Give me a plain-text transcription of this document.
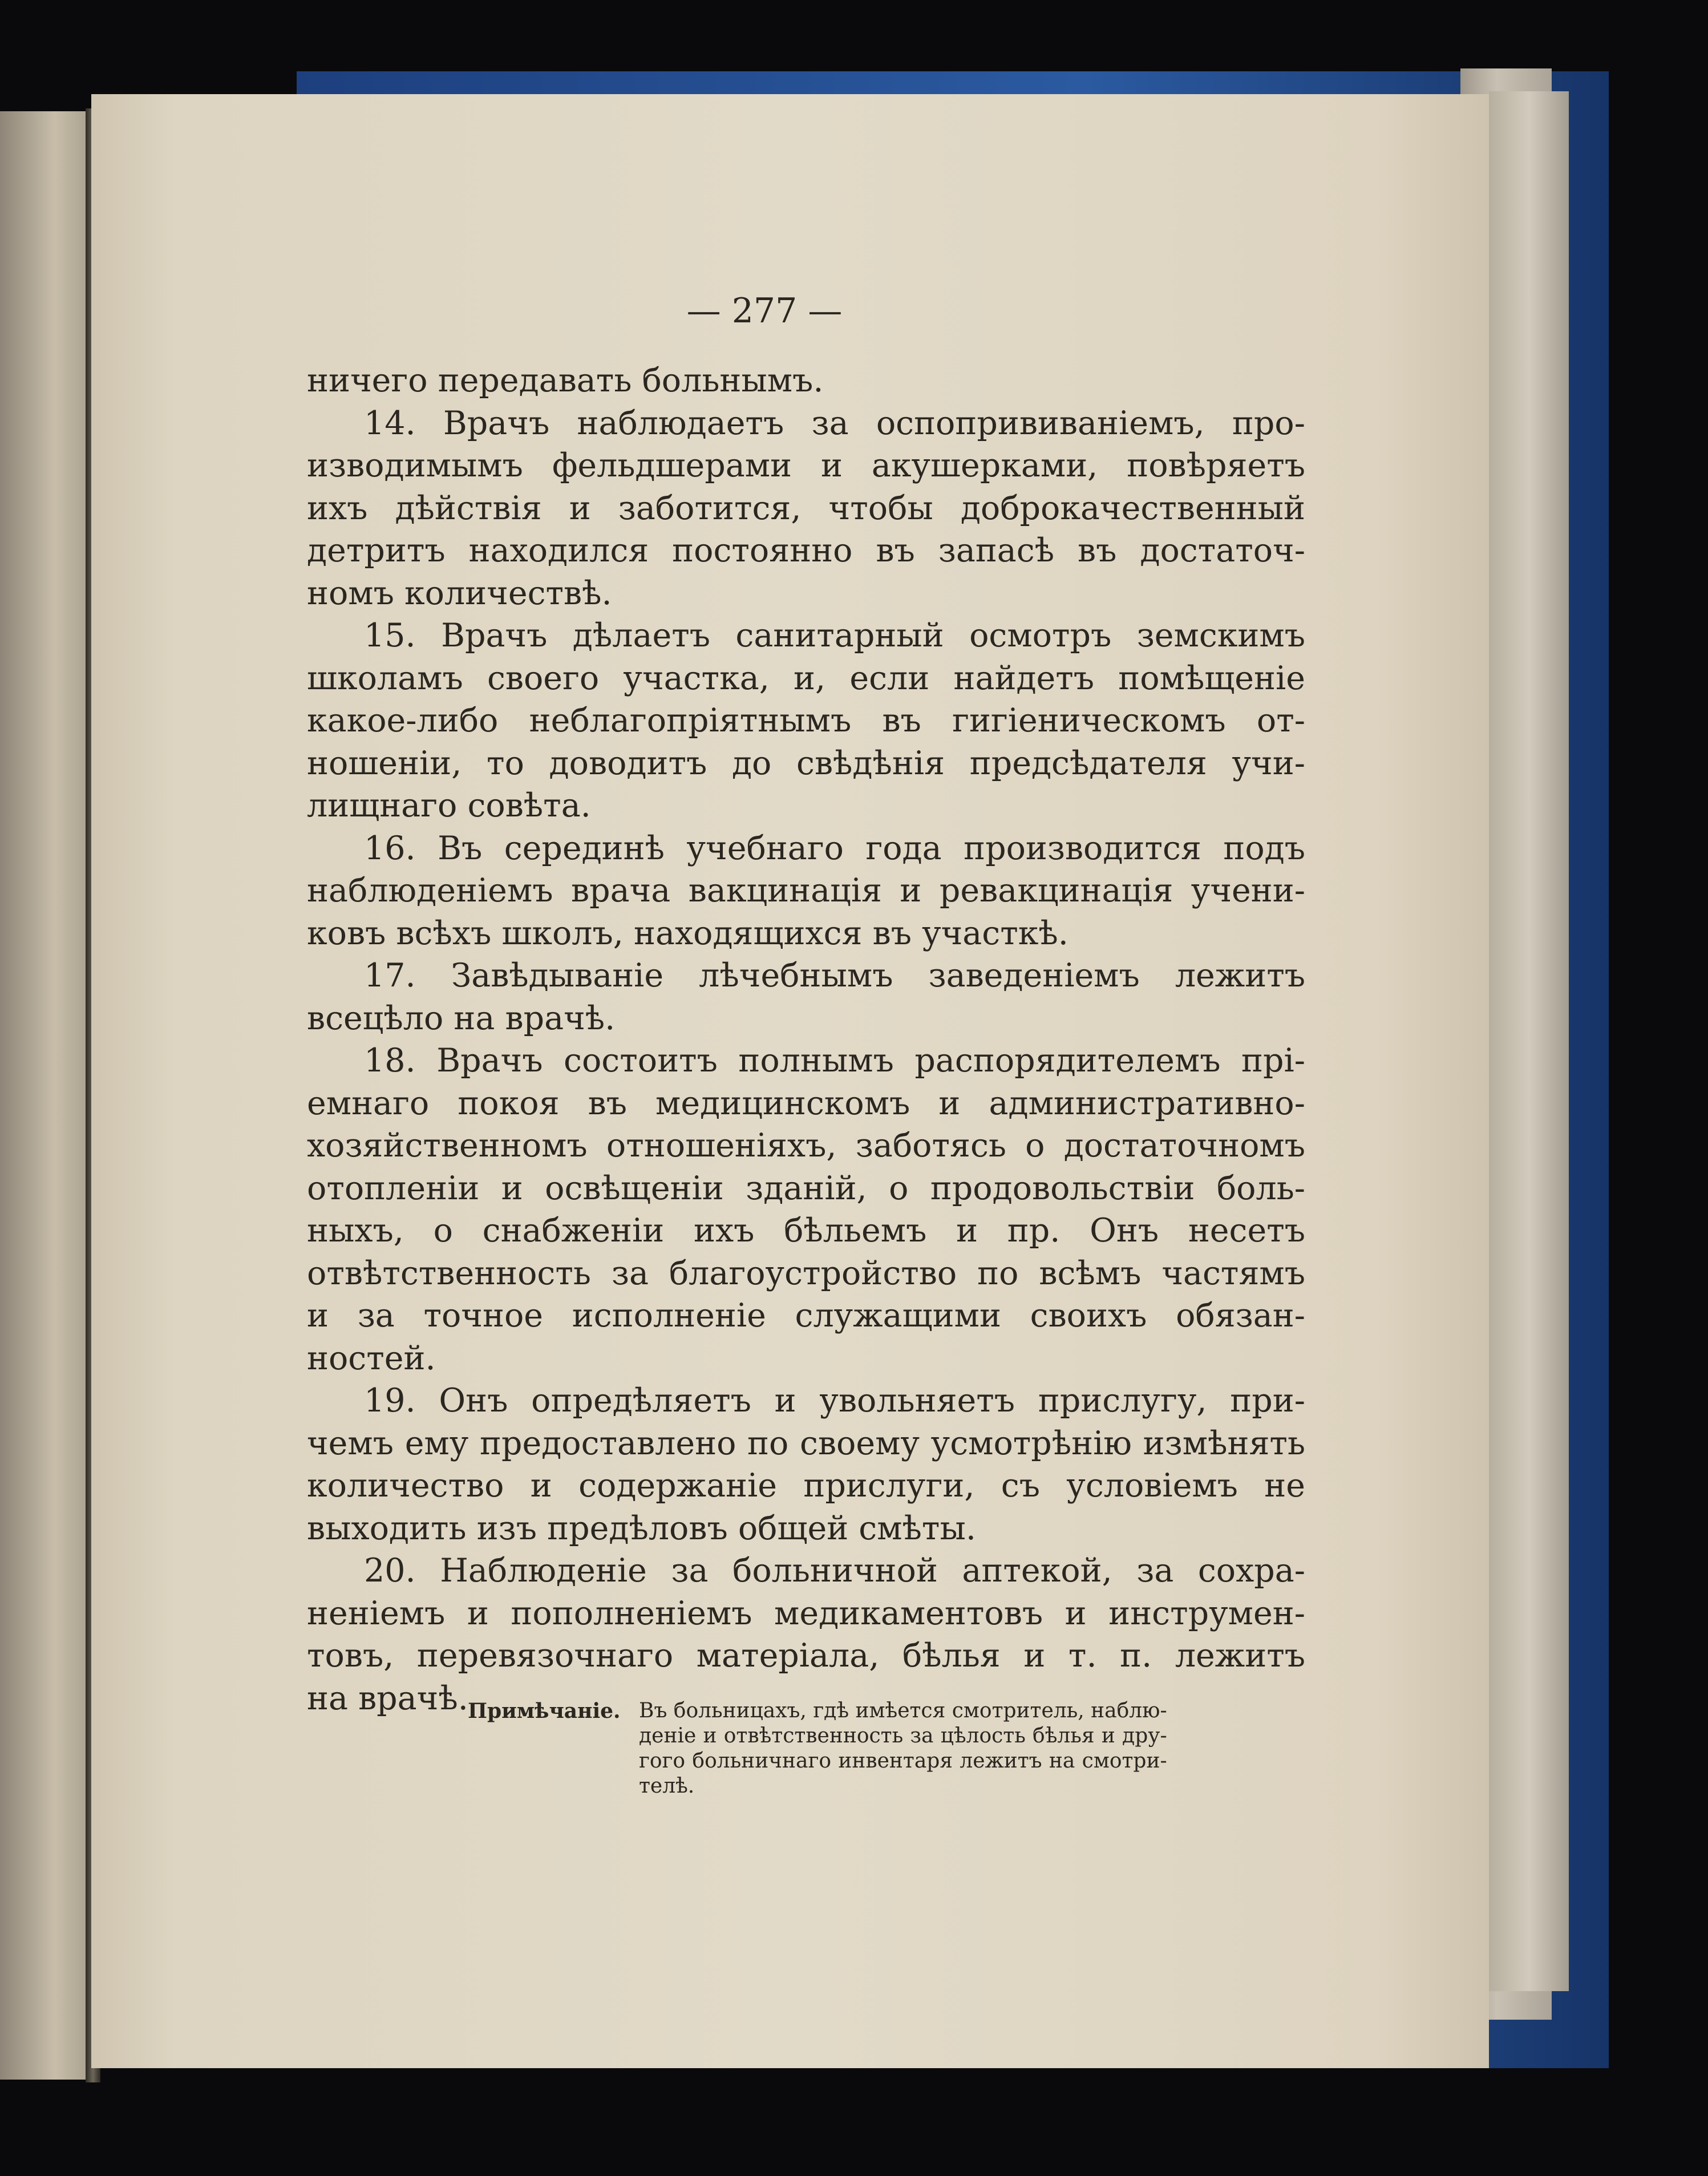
— 277 —

ничего передавать больнымъ.

14. Врачъ наблюдаетъ за оспопрививаніемъ, про-

изводимымъ фельдшерами и акушерками, повѣряетъ

ихъ дѣйствія и заботится, чтобы доброкачественный

детритъ находился постоянно въ запасѣ въ достаточ-

номъ количествѣ.

15. Врачъ дѣлаетъ санитарный осмотръ земскимъ

школамъ своего участка, и, если найдетъ помѣщеніе

какое-либо неблагопріятнымъ въ гигіеническомъ от-

ношеніи, то доводитъ до свѣдѣнія предсѣдателя учи-

лищнаго совѣта.

16. Въ серединѣ учебнаго года производится подъ

наблюденіемъ врача вакцинація и ревакцинація учени-

ковъ всѣхъ школъ, находящихся въ участкѣ.

17. Завѣдываніе лѣчебнымъ заведеніемъ лежитъ

всецѣло на врачѣ.

18. Врачъ состоитъ полнымъ распорядителемъ прі-

емнаго покоя въ медицинскомъ и административно-

хозяйственномъ отношеніяхъ, заботясь о достаточномъ

отопленіи и освѣщеніи зданій, о продовольствіи боль-

ныхъ, о снабженіи ихъ бѣльемъ и пр. Онъ несетъ

отвѣтственность за благоустройство по всѣмъ частямъ

и за точное исполненіе служащими своихъ обязан-

ностей.

19. Онъ опредѣляетъ и увольняетъ прислугу, при-

чемъ ему предоставлено по своему усмотрѣнію измѣнять

количество и содержаніе прислуги, съ условіемъ не

выходить изъ предѣловъ общей смѣты.

20. Наблюденіе за больничной аптекой, за сохра-

неніемъ и пополненіемъ медикаментовъ и инструмен-

товъ, перевязочнаго матеріала, бѣлья и т. п. лежитъ

на врачѣ. Примѣчаніе. Въ больницахъ, гдѣ имѣется смотритель, наблю-

деніе и отвѣтственность за цѣлость бѣлья и дру-

гого больничнаго инвентаря лежитъ на смотри-

телѣ.
